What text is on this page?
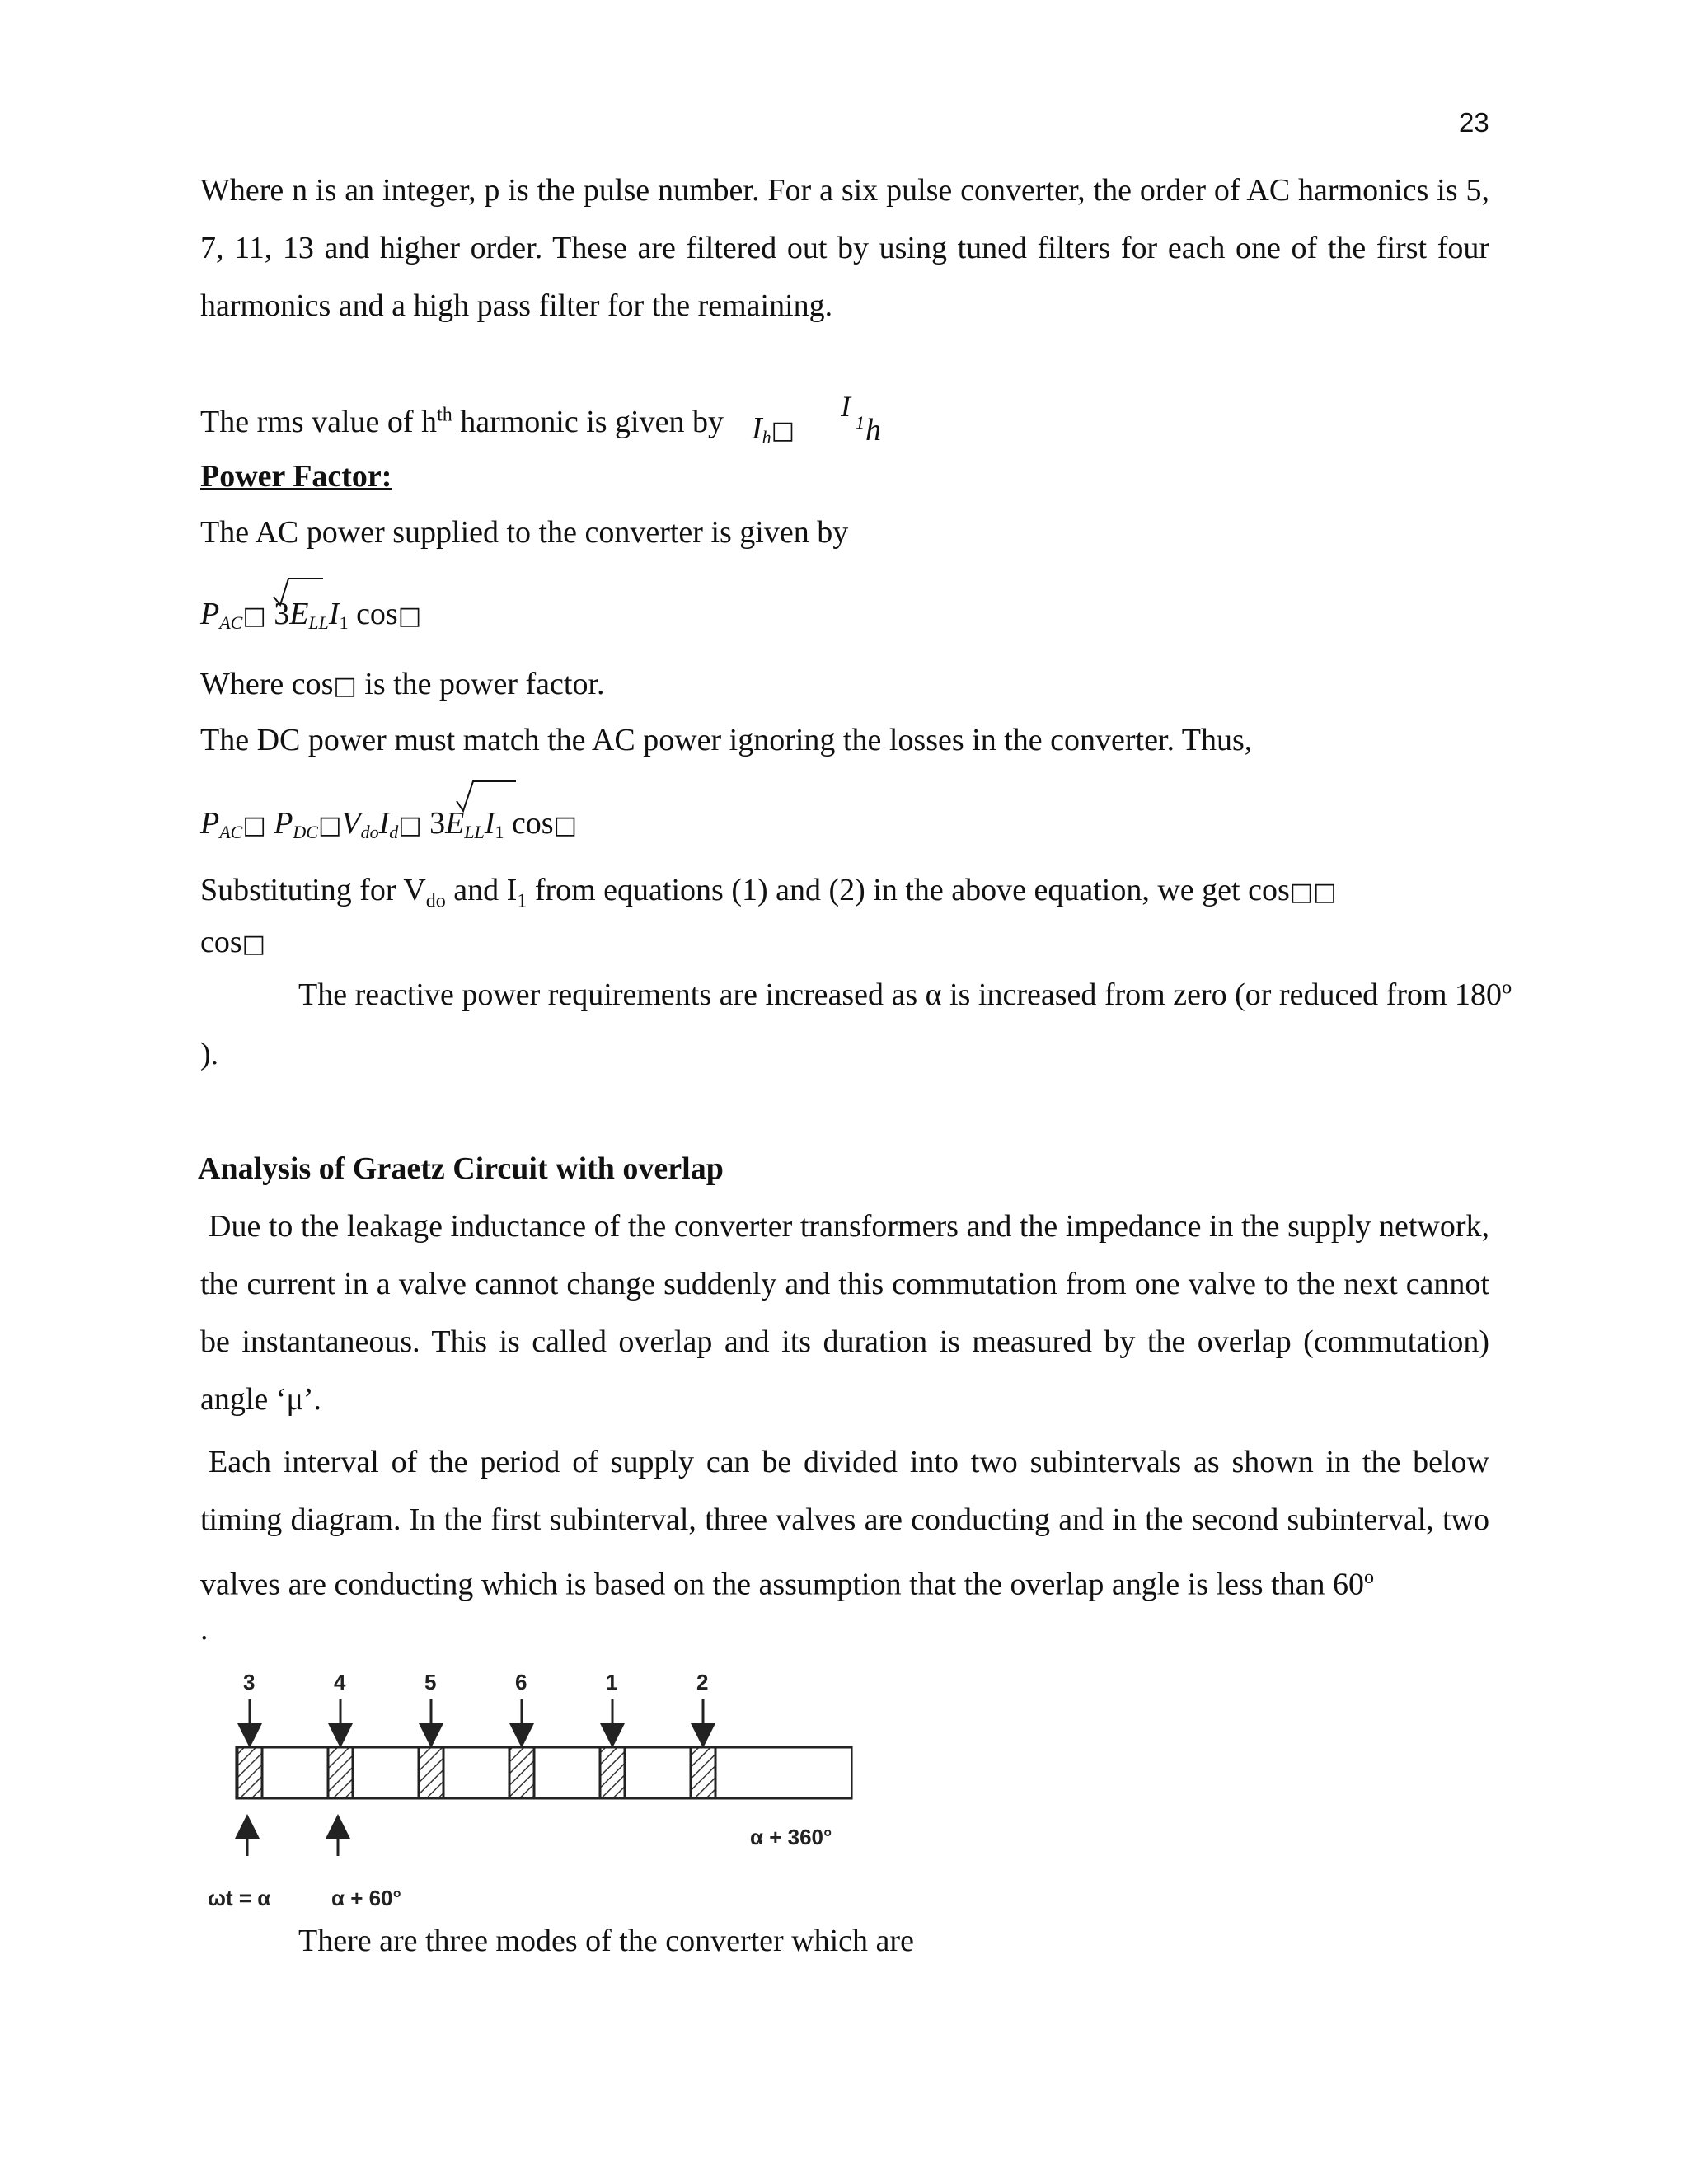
23
Where n is an integer, p is the pulse number. For a six pulse converter, the order of AC harmonics is 5, 7, 11, 13 and higher order. These are filtered out by using tuned filters for each one of the first four harmonics and a high pass filter for the remaining.
The rms value of $h^{th}$ harmonic is given by $I_h□$
I 1 h
Power Factor:
The AC power supplied to the converter is given by
$P_{AC}□$ $3E_{LL}I_1$ cos□
Where cos□ is the power factor.
The DC power must match the AC power ignoring the losses in the converter. Thus,
$P_{AC}□$ $P_{DC}□V_{do}I_d□$ $3E_{LL}I_1$ cos□
Substituting for $V_{do}$ and $I_1$ from equations (1) and (2) in the above equation, we get cos□□
cos□
The reactive power requirements are increased as α is increased from zero (or reduced from 180$^o$
).
Analysis of Graetz Circuit with overlap
Due to the leakage inductance of the converter transformers and the impedance in the supply network, the current in a valve cannot change suddenly and this commutation from one valve to the next cannot be instantaneous. This is called overlap and its duration is measured by the overlap (commutation) angle ‘μ’.
Each interval of the period of supply can be divided into two subintervals as shown in the below timing diagram. In the first subinterval, three valves are conducting and in the second subinterval, two valves are conducting which is based on the assumption that the overlap angle is less than 60$^o$
.
3	4	5	6	1	2
ωt = α	α + 60°
α + 360°
There are three modes of the converter which are
